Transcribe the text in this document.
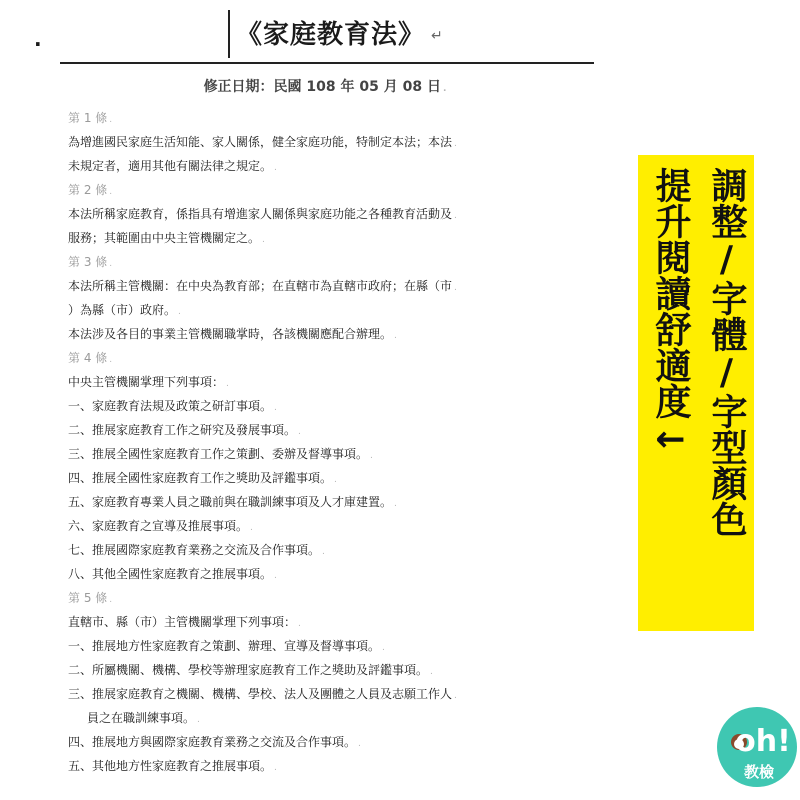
·	《家庭教育法》 ↵
修正日期：民國 108 年 05 月 08 日 .
第 1 條 .
為增進國民家庭生活知能、家人關係，健全家庭功能，特制定本法；本法 .
未規定者，適用其他有關法律之規定。 .
第 2 條 .
本法所稱家庭教育，係指具有增進家人關係與家庭功能之各種教育活動及 .
服務；其範圍由中央主管機關定之。 .
第 3 條 .
本法所稱主管機關：在中央為教育部；在直轄市為直轄市政府；在縣（市 .
）為縣（市）政府。 .
本法涉及各目的事業主管機關職掌時，各該機關應配合辦理。 .
第 4 條 .
中央主管機關掌理下列事項： .
一、家庭教育法規及政策之研訂事項。 .
二、推展家庭教育工作之研究及發展事項。 .
三、推展全國性家庭教育工作之策劃、委辦及督導事項。 .
四、推展全國性家庭教育工作之獎助及評鑑事項。 .
五、家庭教育專業人員之職前與在職訓練事項及人才庫建置。 .
六、家庭教育之宣導及推展事項。 .
七、推展國際家庭教育業務之交流及合作事項。 .
八、其他全國性家庭教育之推展事項。 .
第 5 條 .
直轄市、縣（市）主管機關掌理下列事項： .
一、推展地方性家庭教育之策劃、辦理、宣導及督導事項。 .
二、所屬機關、機構、學校等辦理家庭教育工作之獎助及評鑑事項。 .
三、推展家庭教育之機關、機構、學校、法人及團體之人員及志願工作人 .
員之在職訓練事項。 .
四、推展地方與國際家庭教育業務之交流及合作事項。 .
五、其他地方性家庭教育之推展事項。 .
調整/字體/字型顏色
提升閱讀舒適度←
oh!
教檢
